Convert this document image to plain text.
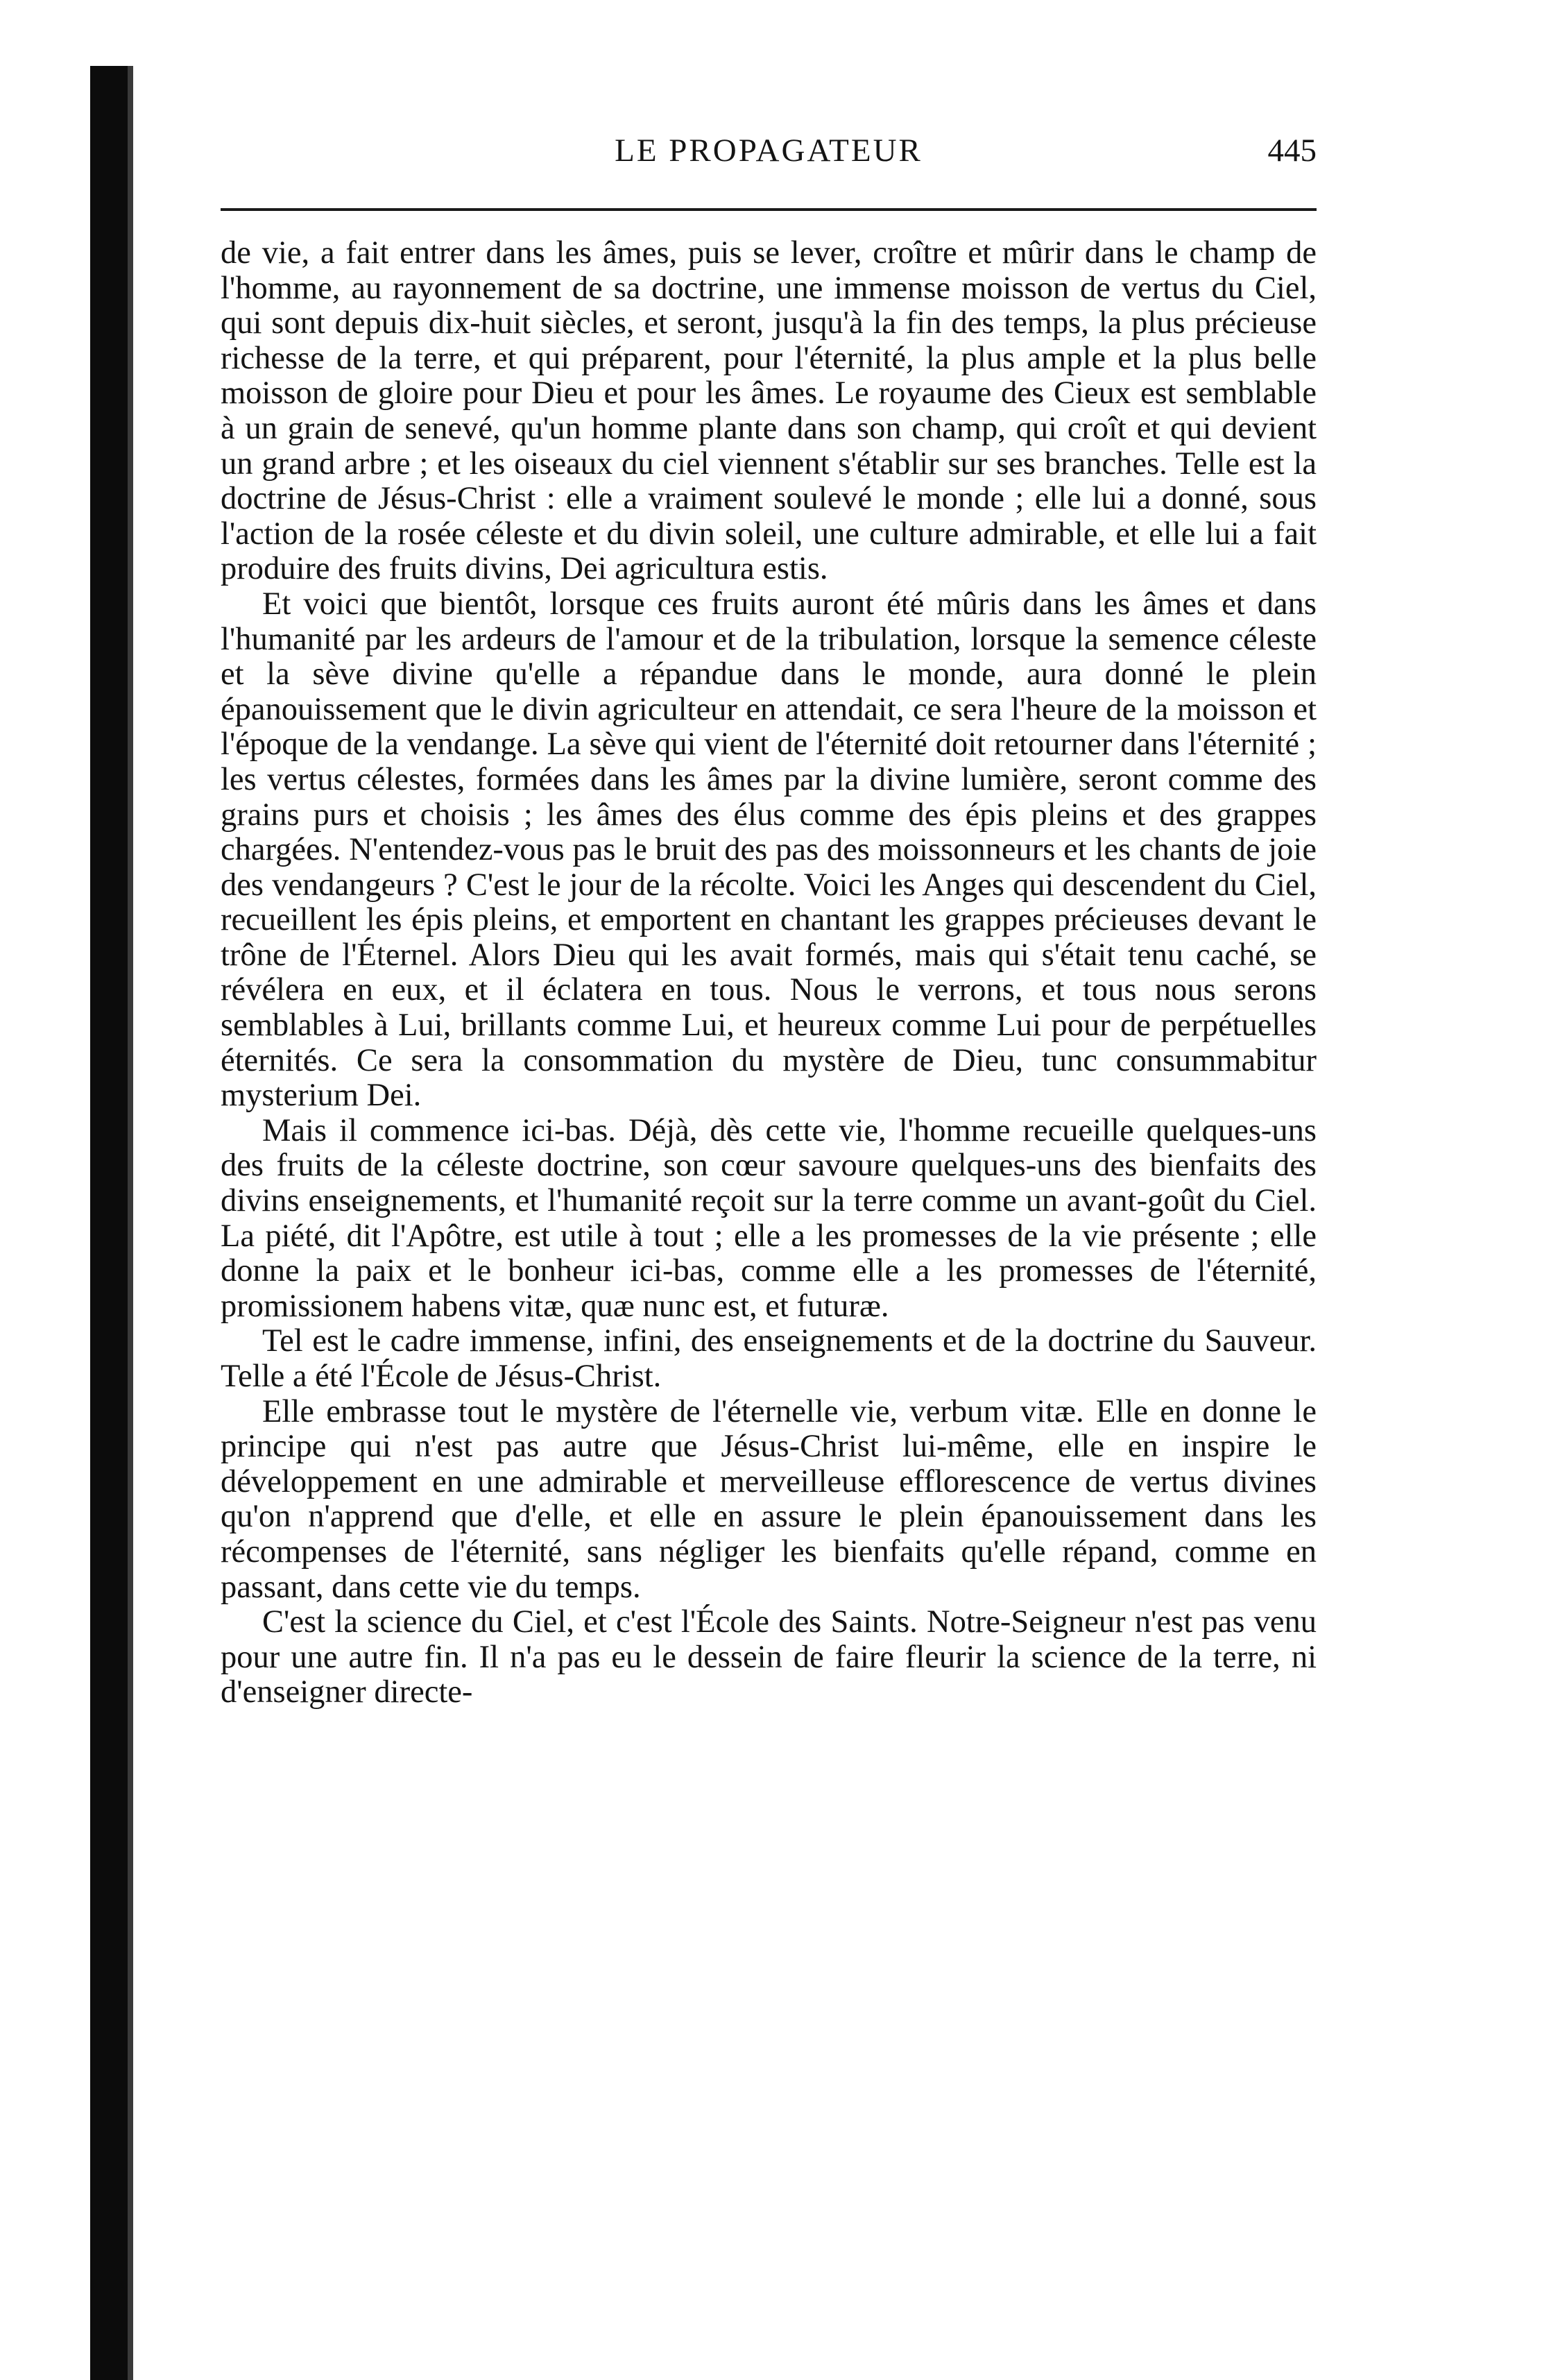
LE PROPAGATEUR	445

de vie, a fait entrer dans les âmes, puis se lever, croître et mûrir dans le champ de l'homme, au rayonnement de sa doctrine, une immense moisson de vertus du Ciel, qui sont depuis dix-huit siècles, et seront, jusqu'à la fin des temps, la plus précieuse richesse de la terre, et qui préparent, pour l'éternité, la plus ample et la plus belle moisson de gloire pour Dieu et pour les âmes. Le royaume des Cieux est semblable à un grain de senevé, qu'un homme plante dans son champ, qui croît et qui devient un grand arbre ; et les oiseaux du ciel viennent s'établir sur ses branches. Telle est la doctrine de Jésus-Christ : elle a vraiment soulevé le monde ; elle lui a donné, sous l'action de la rosée céleste et du divin soleil, une culture admirable, et elle lui a fait produire des fruits divins, Dei agricultura estis.

Et voici que bientôt, lorsque ces fruits auront été mûris dans les âmes et dans l'humanité par les ardeurs de l'amour et de la tribulation, lorsque la semence céleste et la sève divine qu'elle a répandue dans le monde, aura donné le plein épanouissement que le divin agriculteur en attendait, ce sera l'heure de la moisson et l'époque de la vendange. La sève qui vient de l'éternité doit retourner dans l'éternité ; les vertus célestes, formées dans les âmes par la divine lumière, seront comme des grains purs et choisis ; les âmes des élus comme des épis pleins et des grappes chargées. N'entendez-vous pas le bruit des pas des moissonneurs et les chants de joie des vendangeurs ? C'est le jour de la récolte. Voici les Anges qui descendent du Ciel, recueillent les épis pleins, et emportent en chantant les grappes précieuses devant le trône de l'Éternel. Alors Dieu qui les avait formés, mais qui s'était tenu caché, se révélera en eux, et il éclatera en tous. Nous le verrons, et tous nous serons semblables à Lui, brillants comme Lui, et heureux comme Lui pour de perpétuelles éternités. Ce sera la consommation du mystère de Dieu, tunc consummabitur mysterium Dei.

Mais il commence ici-bas. Déjà, dès cette vie, l'homme recueille quelques-uns des fruits de la céleste doctrine, son cœur savoure quelques-uns des bienfaits des divins enseignements, et l'humanité reçoit sur la terre comme un avant-goût du Ciel. La piété, dit l'Apôtre, est utile à tout ; elle a les promesses de la vie présente ; elle donne la paix et le bonheur ici-bas, comme elle a les promesses de l'éternité, promissionem habens vitæ, quæ nunc est, et futuræ.

Tel est le cadre immense, infini, des enseignements et de la doctrine du Sauveur. Telle a été l'École de Jésus-Christ.

Elle embrasse tout le mystère de l'éternelle vie, verbum vitæ. Elle en donne le principe qui n'est pas autre que Jésus-Christ lui-même, elle en inspire le développement en une admirable et merveilleuse efflorescence de vertus divines qu'on n'apprend que d'elle, et elle en assure le plein épanouissement dans les récompenses de l'éternité, sans négliger les bienfaits qu'elle répand, comme en passant, dans cette vie du temps.

C'est la science du Ciel, et c'est l'École des Saints. Notre-Seigneur n'est pas venu pour une autre fin. Il n'a pas eu le dessein de faire fleurir la science de la terre, ni d'enseigner directe-
